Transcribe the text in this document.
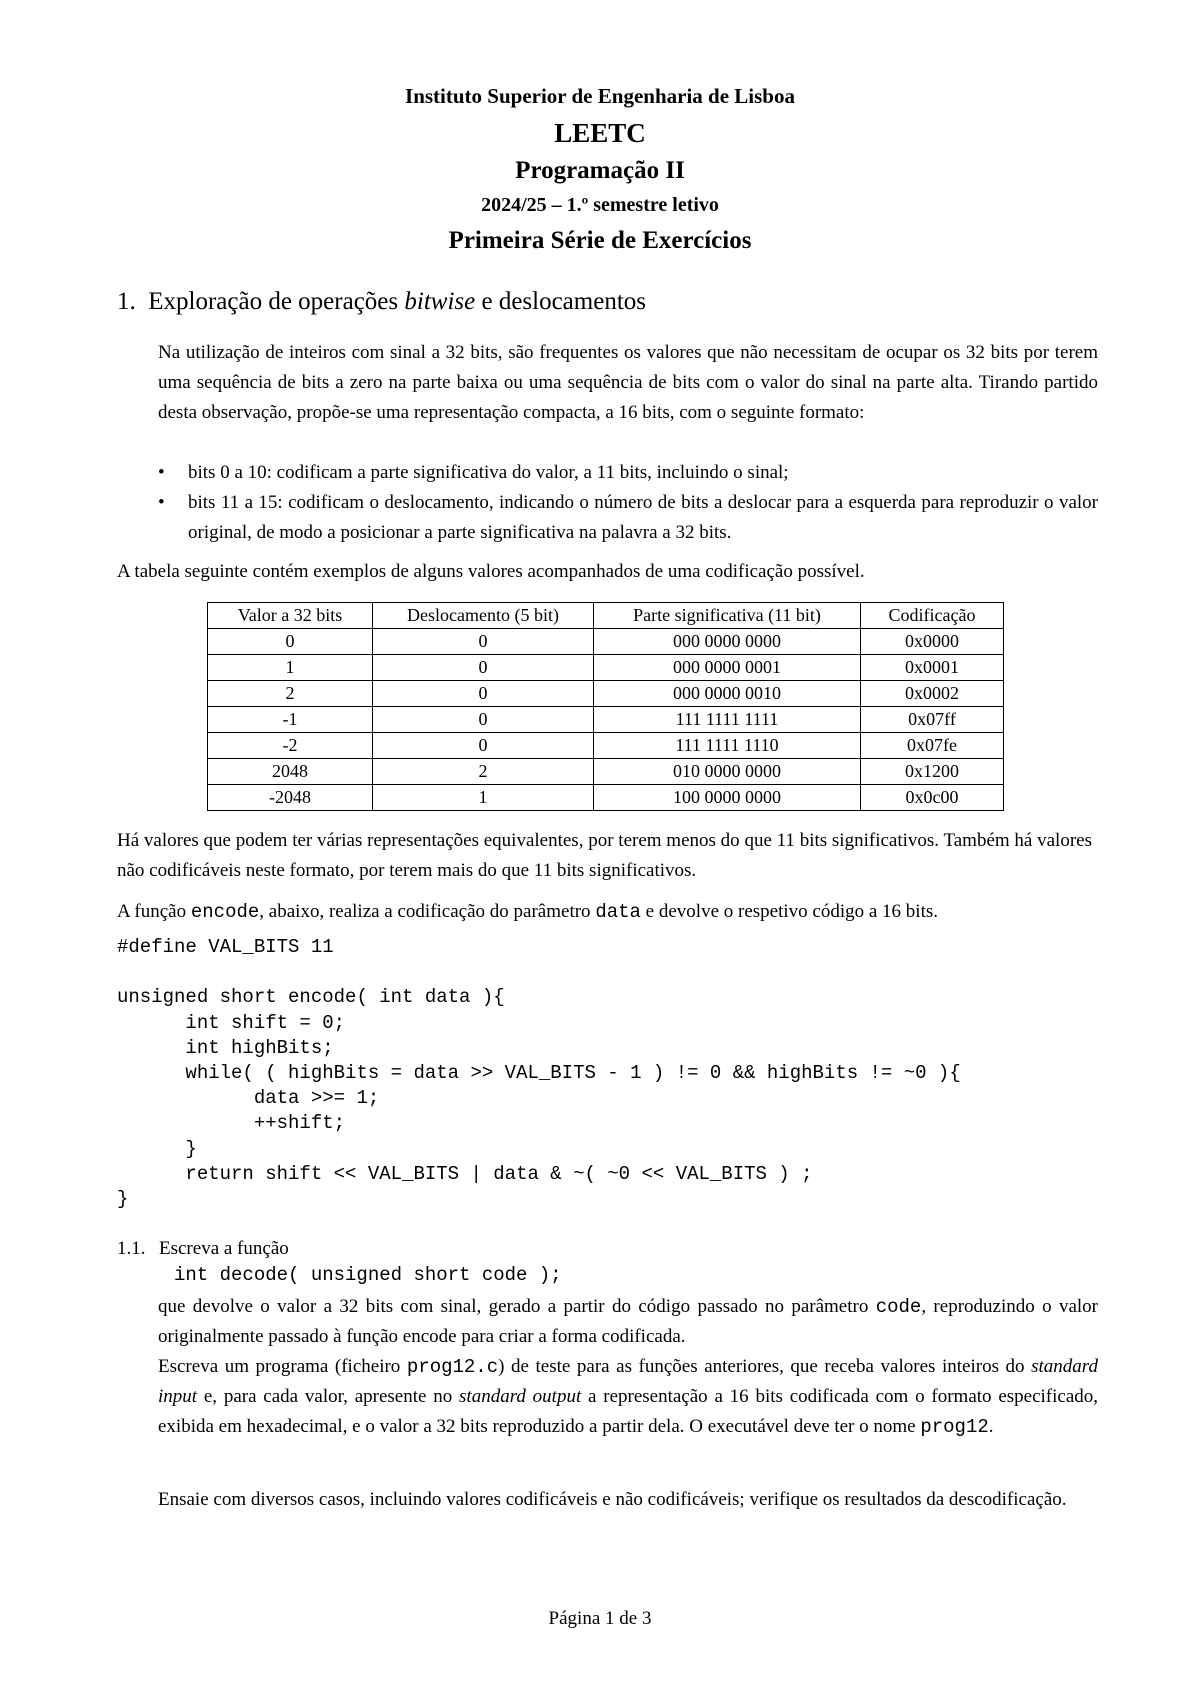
Instituto Superior de Engenharia de Lisboa
LEETC
Programação II
2024/25 – 1.º semestre letivo
Primeira Série de Exercícios
1. Exploração de operações bitwise e deslocamentos
Na utilização de inteiros com sinal a 32 bits, são frequentes os valores que não necessitam de ocupar os 32 bits por terem uma sequência de bits a zero na parte baixa ou uma sequência de bits com o valor do sinal na parte alta. Tirando partido desta observação, propõe-se uma representação compacta, a 16 bits, com o seguinte formato:
• bits 0 a 10: codificam a parte significativa do valor, a 11 bits, incluindo o sinal;
• bits 11 a 15: codificam o deslocamento, indicando o número de bits a deslocar para a esquerda para reproduzir o valor original, de modo a posicionar a parte significativa na palavra a 32 bits.
A tabela seguinte contém exemplos de alguns valores acompanhados de uma codificação possível.
Valor a 32 bits	Deslocamento (5 bit)	Parte significativa (11 bit)	Codificação
0	0	000 0000 0000	0x0000
1	0	000 0000 0001	0x0001
2	0	000 0000 0010	0x0002
-1	0	111 1111 1111	0x07ff
-2	0	111 1111 1110	0x07fe
2048	2	010 0000 0000	0x1200
-2048	1	100 0000 0000	0x0c00
Há valores que podem ter várias representações equivalentes, por terem menos do que 11 bits significativos. Também há valores não codificáveis neste formato, por terem mais do que 11 bits significativos.
A função encode, abaixo, realiza a codificação do parâmetro data e devolve o respetivo código a 16 bits.
#define VAL_BITS 11

unsigned short encode( int data ){
int shift = 0;
int highBits;
while( ( highBits = data >> VAL_BITS - 1 ) != 0 && highBits != ~0 ){
data >>= 1;
++shift;
}
return shift << VAL_BITS | data & ~( ~0 << VAL_BITS ) ;
}
1.1. Escreva a função
int decode( unsigned short code );
que devolve o valor a 32 bits com sinal, gerado a partir do código passado no parâmetro code, reproduzindo o valor originalmente passado à função encode para criar a forma codificada.
Escreva um programa (ficheiro prog12.c) de teste para as funções anteriores, que receba valores inteiros do standard input e, para cada valor, apresente no standard output a representação a 16 bits codificada com o formato especificado, exibida em hexadecimal, e o valor a 32 bits reproduzido a partir dela. O executável deve ter o nome prog12.
Ensaie com diversos casos, incluindo valores codificáveis e não codificáveis; verifique os resultados da descodificação.
Página 1 de 3
